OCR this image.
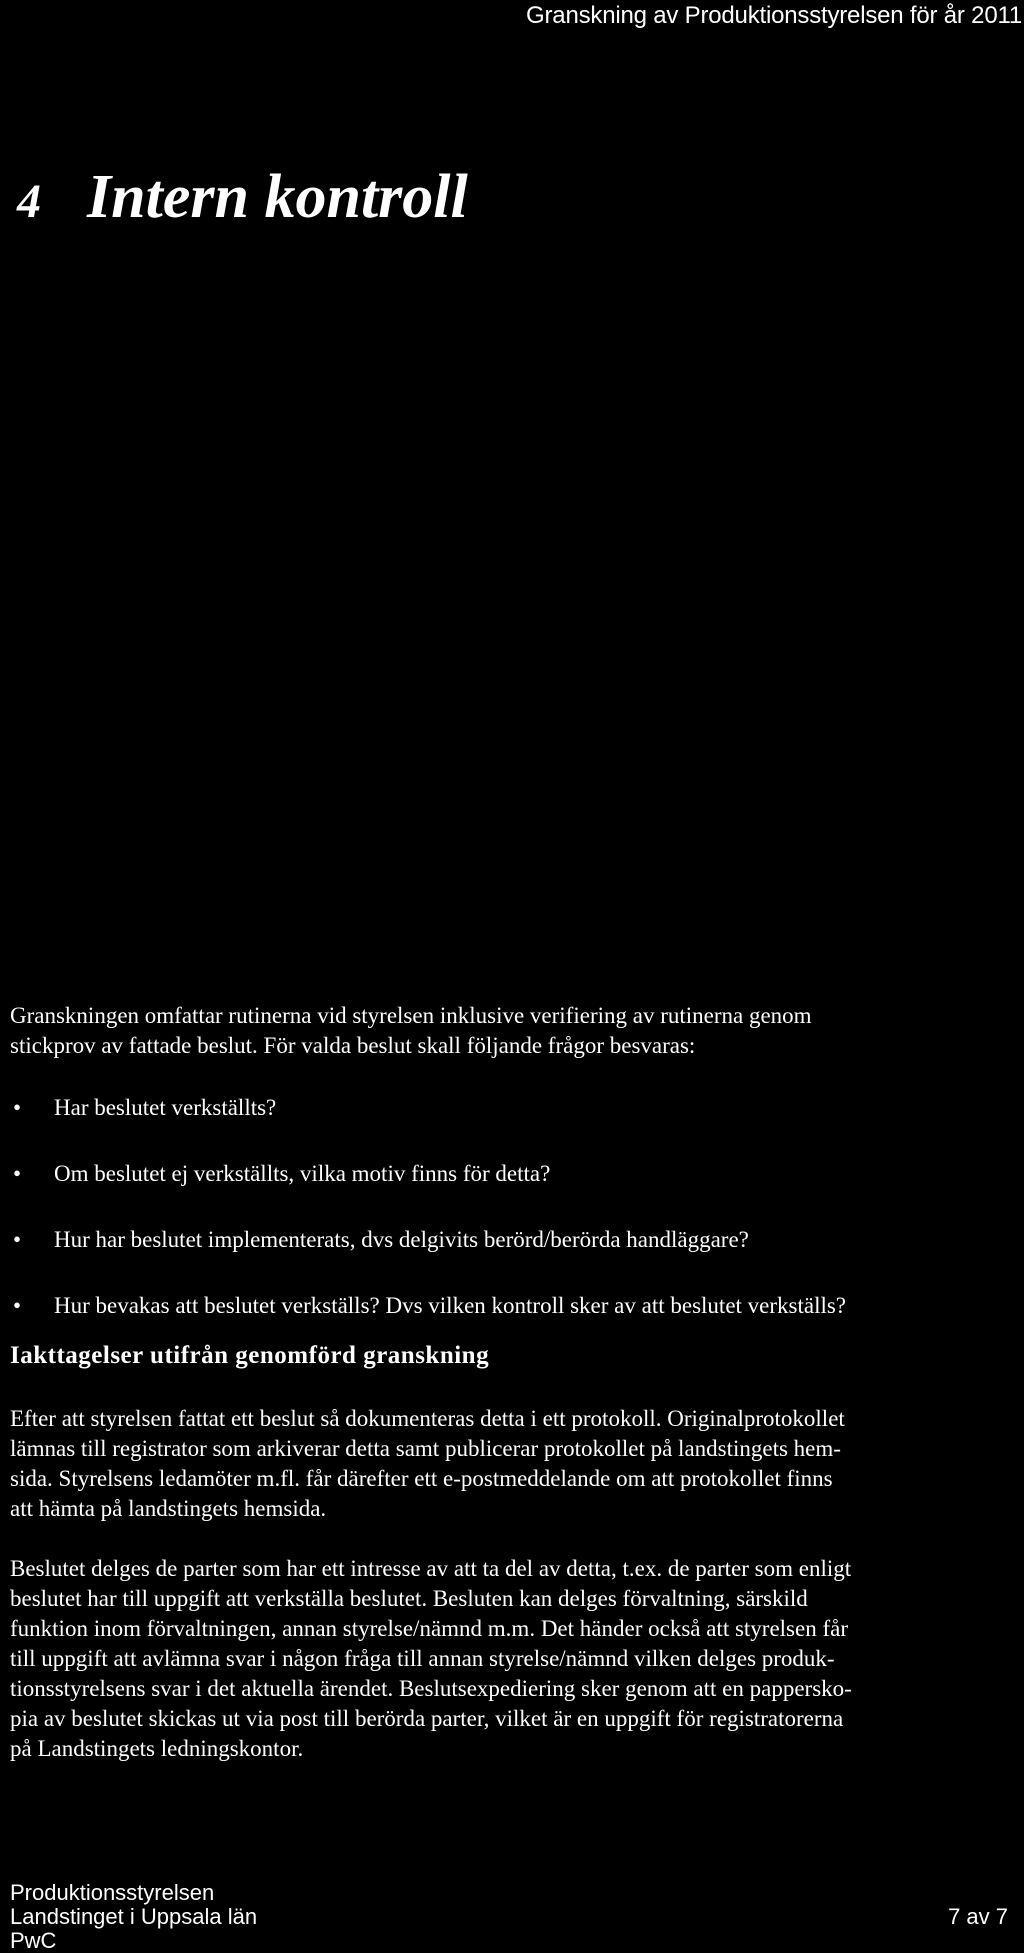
Granskning av Produktionsstyrelsen för år 2011
4 Intern kontroll

Granskningen omfattar rutinerna vid styrelsen inklusive verifiering av rutinerna genom
stickprov av fattade beslut. För valda beslut skall följande frågor besvaras:

• Har beslutet verkställts?
• Om beslutet ej verkställts, vilka motiv finns för detta?
• Hur har beslutet implementerats, dvs delgivits berörd/berörda handläggare?
• Hur bevakas att beslutet verkställs? Dvs vilken kontroll sker av att beslutet verkställs?

Iakttagelser utifrån genomförd granskning

Efter att styrelsen fattat ett beslut så dokumenteras detta i ett protokoll. Originalprotokollet
lämnas till registrator som arkiverar detta samt publicerar protokollet på landstingets hem-
sida. Styrelsens ledamöter m.fl. får därefter ett e-postmeddelande om att protokollet finns
att hämta på landstingets hemsida.

Beslutet delges de parter som har ett intresse av att ta del av detta, t.ex. de parter som enligt
beslutet har till uppgift att verkställa beslutet. Besluten kan delges förvaltning, särskild
funktion inom förvaltningen, annan styrelse/nämnd m.m. Det händer också att styrelsen får
till uppgift att avlämna svar i någon fråga till annan styrelse/nämnd vilken delges produk-
tionsstyrelsens svar i det aktuella ärendet. Beslutsexpediering sker genom att en pappersko-
pia av beslutet skickas ut via post till berörda parter, vilket är en uppgift för registratorerna
på Landstingets ledningskontor.

Produktionsstyrelsen
Landstinget i Uppsala län
PwC
7 av 7
